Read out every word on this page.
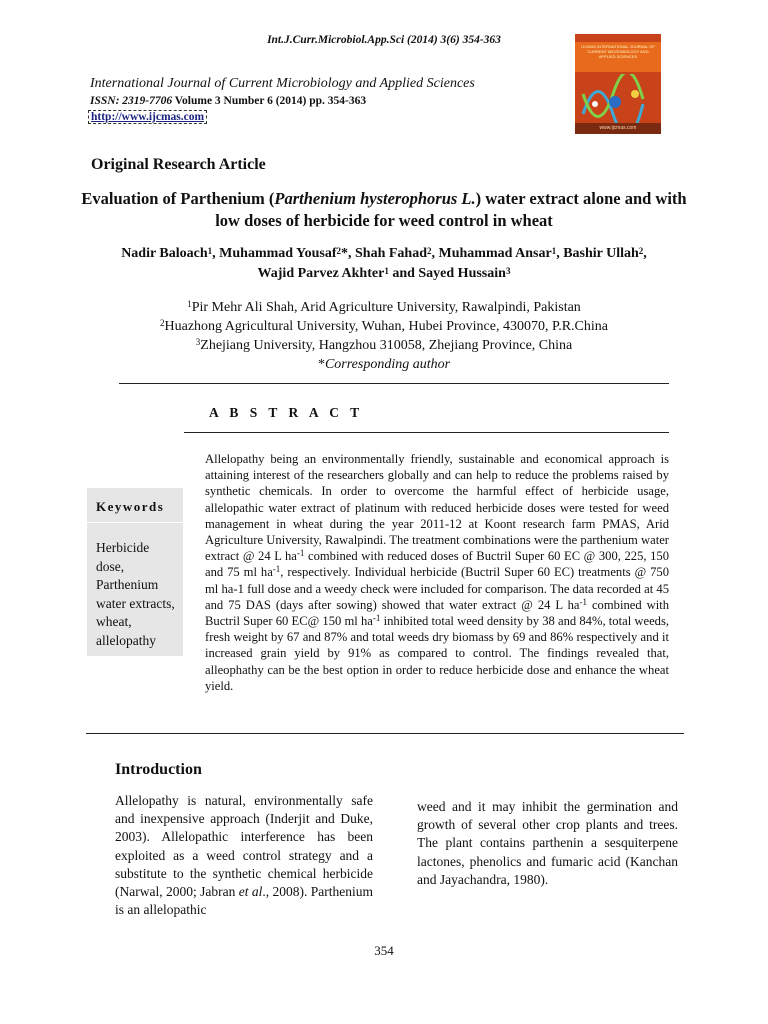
Int.J.Curr.Microbiol.App.Sci (2014) 3(6) 354-363
International Journal of Current Microbiology and Applied Sciences
ISSN: 2319-7706 Volume 3 Number 6 (2014) pp. 354-363
http://www.ijcmas.com
IJCMAS INTERNATIONAL JOURNAL OF CURRENT MICROBIOLOGY AND APPLIED SCIENCES
www.ijcmas.com
Original Research Article
Evaluation of Parthenium (Parthenium hysterophorus L.) water extract alone and with low doses of herbicide for weed control in wheat
Nadir Baloach$^1$, Muhammad Yousaf$^2$*, Shah Fahad$^2$, Muhammad Ansar$^1$, Bashir Ullah$^2$,
Wajid Parvez Akhter$^1$ and Sayed Hussain$^3$
$^1$Pir Mehr Ali Shah, Arid Agriculture University, Rawalpindi, Pakistan
$^2$Huazhong Agricultural University, Wuhan, Hubei Province, 430070, P.R.China
$^3$Zhejiang University, Hangzhou 310058, Zhejiang Province, China
*Corresponding author
A B S T R A C T
Keywords
Herbicide dose,
Parthenium water extracts,
wheat,
allelopathy
Allelopathy being an environmentally friendly, sustainable and economical approach is attaining interest of the researchers globally and can help to reduce the problems raised by synthetic chemicals. In order to overcome the harmful effect of herbicide usage, allelopathic water extract of platinum with reduced herbicide doses were tested for weed management in wheat during the year 2011-12 at Koont research farm PMAS, Arid Agriculture University, Rawalpindi. The treatment combinations were the parthenium water extract @ 24 L $ha^{-1}$ combined with reduced doses of Buctril Super 60 EC @ 300, 225, 150 and 75 ml $ha^{-1}$, respectively. Individual herbicide (Buctril Super 60 EC) treatments @ 750 ml ha-1 full dose and a weedy check were included for comparison. The data recorded at 45 and 75 DAS (days after sowing) showed that water extract @ 24 L $ha^{-1}$ combined with Buctril Super 60 EC@ 150 ml $ha^{-1}$ inhibited total weed density by 38 and 84%, total weeds, fresh weight by 67 and 87% and total weeds dry biomass by 69 and 86% respectively and it increased grain yield by 91% as compared to control. The findings revealed that, alleophathy can be the best option in order to reduce herbicide dose and enhance the wheat yield.
Introduction
Allelopathy is natural, environmentally safe and inexpensive approach (Inderjit and Duke, 2003). Allelopathic interference has been exploited as a weed control strategy and a substitute to the synthetic chemical herbicide (Narwal, 2000; Jabran et al., 2008). Parthenium is an allelopathic
weed and it may inhibit the germination and growth of several other crop plants and trees. The plant contains parthenin a sesquiterpene lactones, phenolics and fumaric acid (Kanchan and Jayachandra, 1980).
354
